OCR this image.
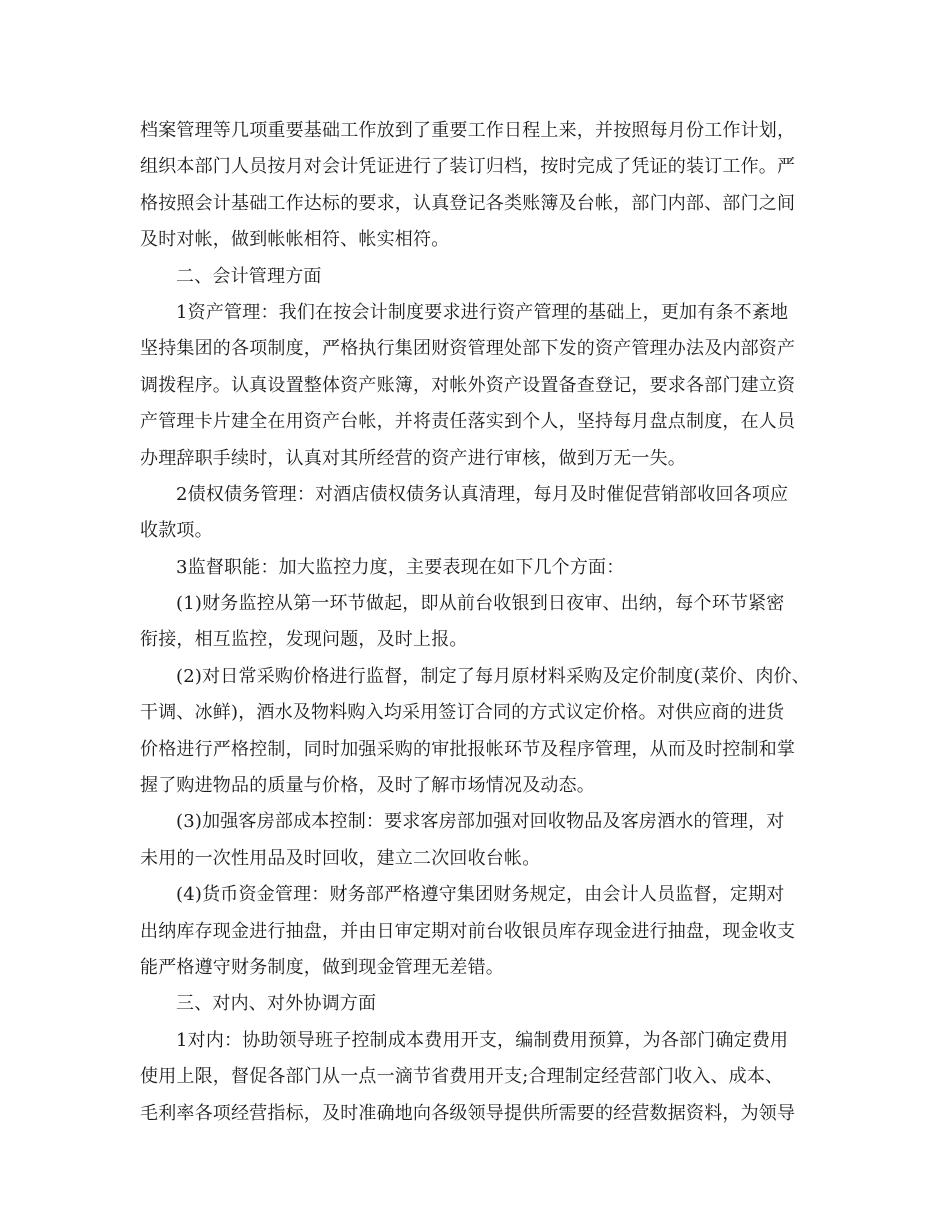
档案管理等几项重要基础工作放到了重要工作日程上来，并按照每月份工作计划，
组织本部门人员按月对会计凭证进行了装订归档，按时完成了凭证的装订工作。严
格按照会计基础工作达标的要求，认真登记各类账簿及台帐，部门内部、部门之间
及时对帐，做到帐帐相符、帐实相符。
二、会计管理方面
1资产管理：我们在按会计制度要求进行资产管理的基础上，更加有条不紊地
坚持集团的各项制度，严格执行集团财资管理处部下发的资产管理办法及内部资产
调拨程序。认真设置整体资产账簿，对帐外资产设置备查登记，要求各部门建立资
产管理卡片建全在用资产台帐，并将责任落实到个人，坚持每月盘点制度，在人员
办理辞职手续时，认真对其所经营的资产进行审核，做到万无一失。
2债权债务管理：对酒店债权债务认真清理，每月及时催促营销部收回各项应
收款项。
3监督职能：加大监控力度，主要表现在如下几个方面：
(1)财务监控从第一环节做起，即从前台收银到日夜审、出纳，每个环节紧密
衔接，相互监控，发现问题，及时上报。
(2)对日常采购价格进行监督，制定了每月原材料采购及定价制度(菜价、肉价、
干调、冰鲜)，酒水及物料购入均采用签订合同的方式议定价格。对供应商的进货
价格进行严格控制，同时加强采购的审批报帐环节及程序管理，从而及时控制和掌
握了购进物品的质量与价格，及时了解市场情况及动态。
(3)加强客房部成本控制：要求客房部加强对回收物品及客房酒水的管理，对
未用的一次性用品及时回收，建立二次回收台帐。
(4)货币资金管理：财务部严格遵守集团财务规定，由会计人员监督，定期对
出纳库存现金进行抽盘，并由日审定期对前台收银员库存现金进行抽盘，现金收支
能严格遵守财务制度，做到现金管理无差错。
三、对内、对外协调方面
1对内：协助领导班子控制成本费用开支，编制费用预算，为各部门确定费用
使用上限，督促各部门从一点一滴节省费用开支;合理制定经营部门收入、成本、
毛利率各项经营指标，及时准确地向各级领导提供所需要的经营数据资料，为领导
